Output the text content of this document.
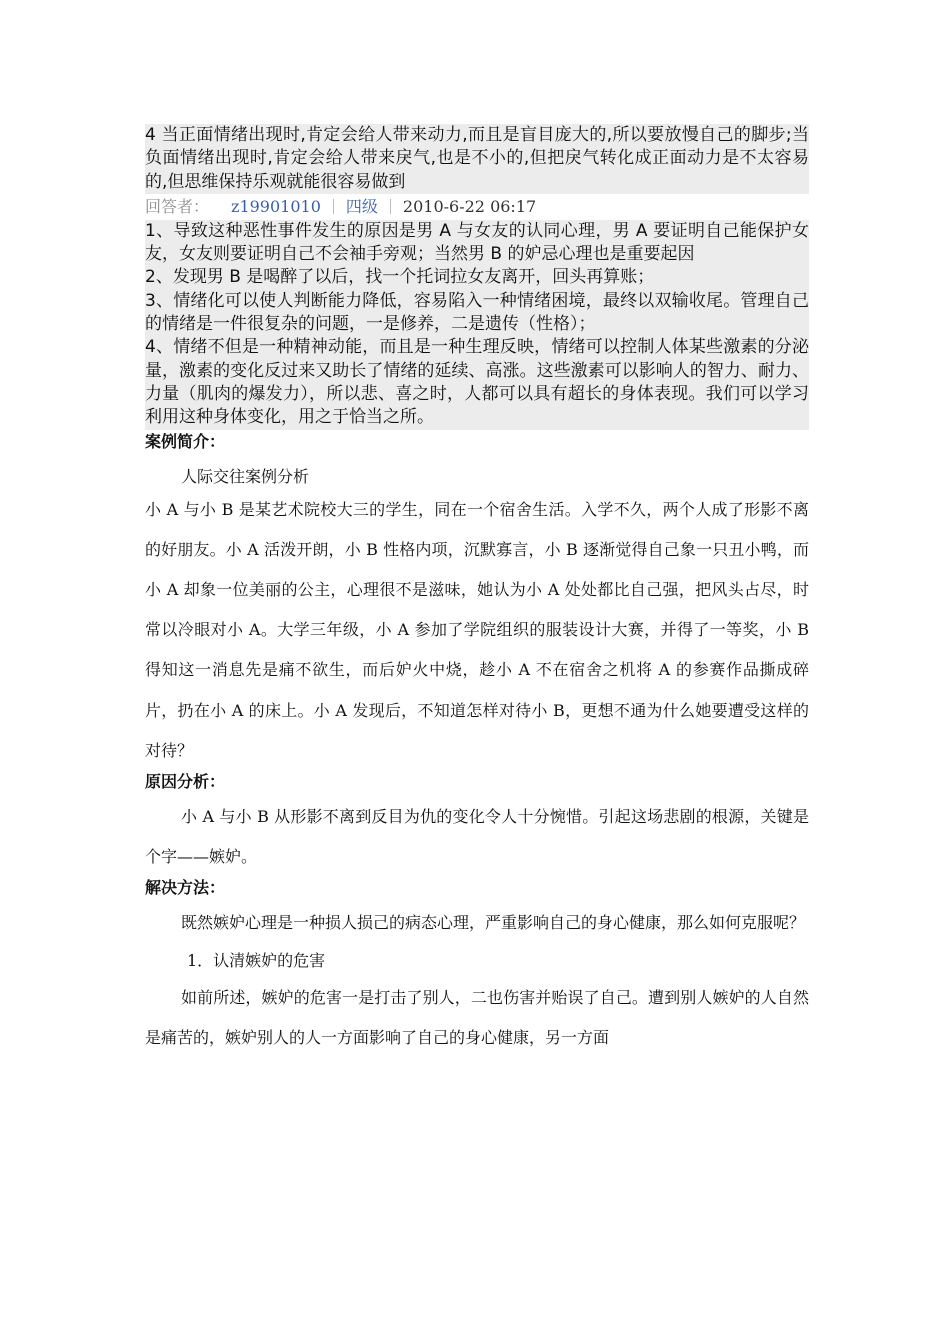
4 当正面情绪出现时,肯定会给人带来动力,而且是盲目庞大的,所以要放慢自己的脚步;当负面情绪出现时,肯定会给人带来戾气,也是不小的,但把戾气转化成正面动力是不太容易的,但思维保持乐观就能很容易做到

回答者： z19901010 四级 2010-6-22 06:17

1、导致这种恶性事件发生的原因是男 A 与女友的认同心理，男 A 要证明自己能保护女友，女友则要证明自己不会袖手旁观；当然男 B 的妒忌心理也是重要起因

2、发现男 B 是喝醉了以后，找一个托词拉女友离开，回头再算账；

3、情绪化可以使人判断能力降低，容易陷入一种情绪困境，最终以双输收尾。管理自己的情绪是一件很复杂的问题，一是修养，二是遗传（性格）；

4、情绪不但是一种精神动能，而且是一种生理反映，情绪可以控制人体某些激素的分泌量，激素的变化反过来又助长了情绪的延续、高涨。这些激素可以影响人的智力、耐力、力量（肌肉的爆发力），所以悲、喜之时，人都可以具有超长的身体表现。我们可以学习利用这种身体变化，用之于恰当之所。

案例简介：

人际交往案例分析

小 A 与小 B 是某艺术院校大三的学生，同在一个宿舍生活。入学不久，两个人成了形影不离的好朋友。小 A 活泼开朗，小 B 性格内项，沉默寡言，小 B 逐渐觉得自己象一只丑小鸭，而小 A 却象一位美丽的公主，心理很不是滋味，她认为小 A 处处都比自己强，把风头占尽，时常以冷眼对小 A。大学三年级，小 A 参加了学院组织的服装设计大赛，并得了一等奖，小 B 得知这一消息先是痛不欲生，而后妒火中烧，趁小 A 不在宿舍之机将 A 的参赛作品撕成碎片，扔在小 A 的床上。小 A 发现后，不知道怎样对待小 B，更想不通为什么她要遭受这样的对待？

原因分析：

小 A 与小 B 从形影不离到反目为仇的变化令人十分惋惜。引起这场悲剧的根源，关键是个字——嫉妒。

解决方法：

既然嫉妒心理是一种损人损己的病态心理，严重影响自己的身心健康，那么如何克服呢？

1．认清嫉妒的危害

如前所述，嫉妒的危害一是打击了别人，二也伤害并贻误了自己。遭到别人嫉妒的人自然是痛苦的，嫉妒别人的人一方面影响了自己的身心健康，另一方面
